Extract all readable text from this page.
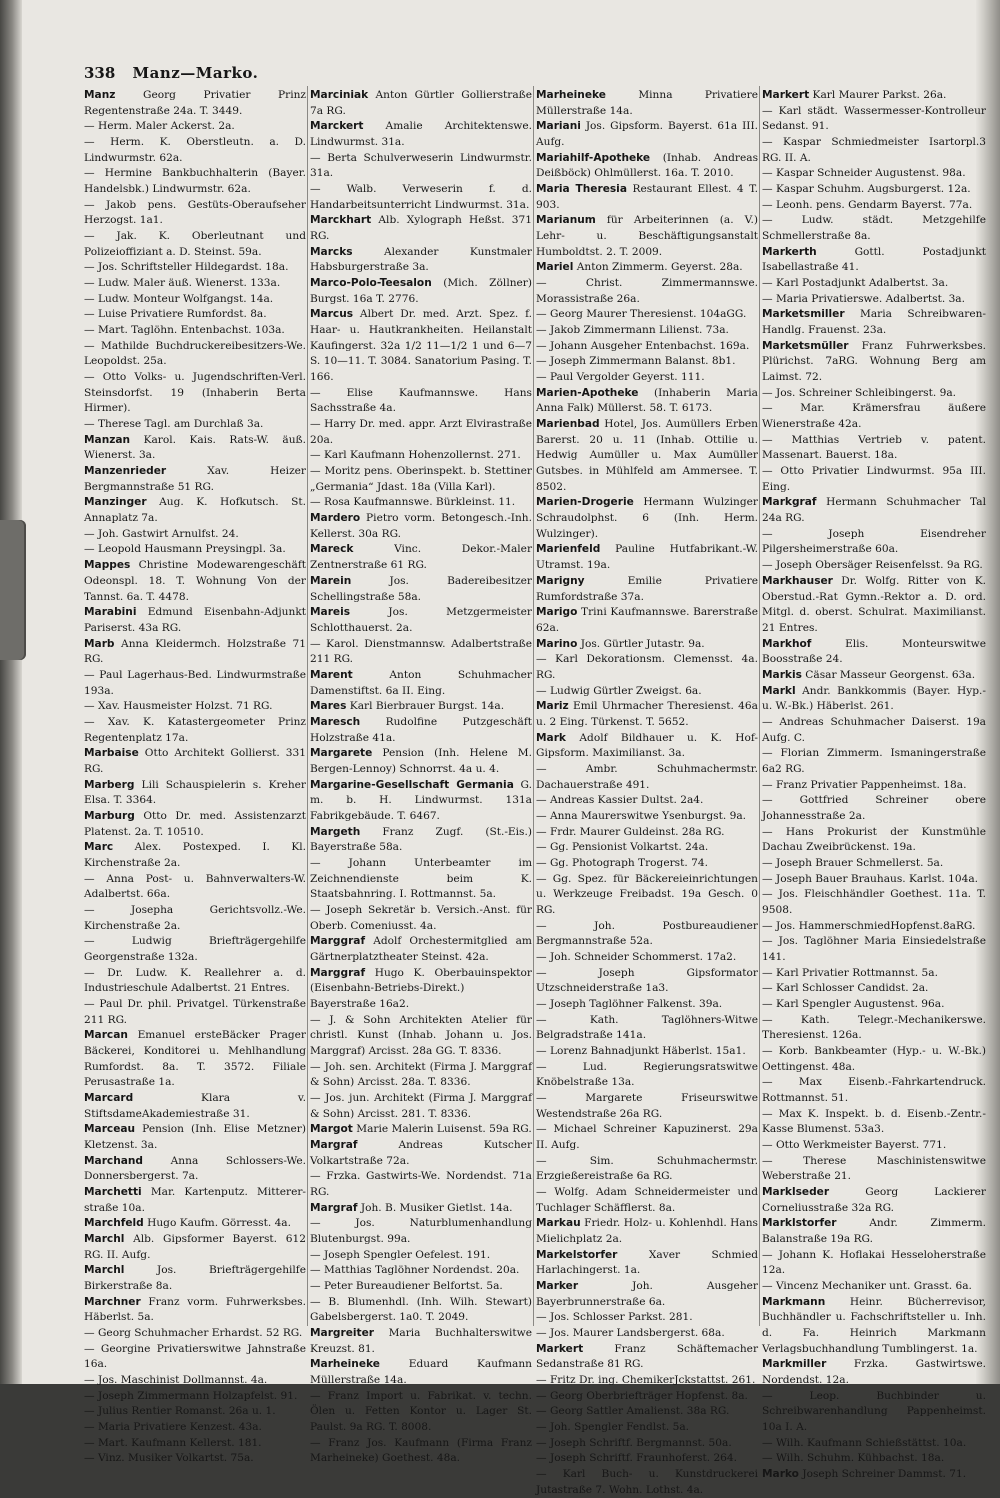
338 Manz—Marko.
Manz	Georg Privatier Prinz Regentenstraße 24a. T. 3449.
— Herm. Maler Ackerst. 2a.
— Herm. K. Oberstleutn. a. D. Lindwurmstr. 62a.
— Hermine Bankbuchhalterin (Bayer. Handelsbk.) Lindwurmstr. 62a.
— Jakob pens. Gestüts-Oberaufseher Herzogst. 1a1.
— Jak. K. Oberleutnant und Polizeioffiziant a. D. Steinst. 59a.
— Jos. Schriftsteller Hildegardst. 18a.
— Ludw. Maler äuß. Wienerst. 133a.
— Ludw. Monteur Wolfgangst. 14a.
— Luise Privatiere Rumfordst. 8a.
— Mart. Taglöhn. Entenbachst. 103a.
— Mathilde Buchdruckereibesitzers-We. Leopoldst. 25a.
— Otto Volks- u. Jugendschriften-Verl. Steinsdorfst. 19 (Inhaberin Berta Hirmer).
— Therese Tagl. am Durchlaß 3a.
Manzan Karol. Kais. Rats-W. äuß. Wienerst. 3a.
Manzenrieder	Xav. Heizer Bergmannstraße 51 RG.
Manzinger Aug. K. Hofkutsch. St. Annaplatz 7a.
— Joh. Gastwirt Arnulfst. 24.
— Leopold Hausmann Preysingpl. 3a.
Mappes Christine Modewarengeschäft Odeonspl. 18. T. Wohnung Von der Tannst. 6a. T. 4478.
Marabini Edmund Eisenbahn-Adjunkt Pariserst. 43a RG.
Marb Anna Kleidermch. Holzstraße 71 RG.
— Paul Lagerhaus-Bed. Lindwurmstraße 193a.
— Xav. Hausmeister Holzst. 71 RG.
— Xav. K. Katastergeometer Prinz Regentenplatz 17a.
Marbaise Otto Architekt Gollierst. 331 RG.
Marberg Lili Schauspielerin s. Kreher Elsa. T. 3364.
Marburg Otto Dr. med. Assistenzarzt Platenst. 2a. T. 10510.
Marc Alex. Postexped. I. Kl. Kirchenstraße 2a.
— Anna Post- u. Bahnverwalters-W. Adalbertst. 66a.
— Josepha Gerichtsvollz.-We. Kirchenstraße 2a.
— Ludwig Briefträgergehilfe Georgenstraße 132a.
— Dr. Ludw. K. Reallehrer a. d. Industrieschule Adalbertst. 21 Entres.
— Paul Dr. phil. Privatgel. Türkenstraße 211 RG.
Marcan Emanuel ersteBäcker Prager Bäckerei, Konditorei u. Mehlhandlung Rumfordst. 8a. T. 3572. Filiale Perusastraße 1a.
Marcard	Klara v. StiftsdameAkademiestraße 31.
Marceau Pension (Inh. Elise Metzner) Kletzenst. 3a.
Marchand	Anna Schlossers-We. Donnersbergerst. 7a.
Marchetti Mar. Kartenputz. Mitterer-straße 10a.
Marchfeld Hugo Kaufm. Görresst. 4a.
Marchl Alb. Gipsformer Bayerst. 612 RG. II. Aufg.
Marchl	Jos. Briefträgergehilfe Birkerstraße 8a.
Marchner Franz vorm. Fuhrwerksbes. Häberlst. 5a.
— Georg Schuhmacher Erhardst. 52 RG.
— Georgine Privatierswitwe Jahnstraße 16a.
— Jos. Maschinist Dollmannst. 4a.
— Joseph Zimmermann Holzapfelst. 91.
— Julius Rentier Romanst. 26a u. 1.
— Maria Privatiere Kenzest. 43a.
— Mart. Kaufmann Kellerst. 181.
— Vinz. Musiker Volkartst. 75a.
Marciniak Anton Gürtler Gollierstraße 7a RG.
Marckert Amalie Architektenswe. Lindwurmst. 31a.
— Berta Schulverweserin Lindwurmstr. 31a.
— Walb. Verweserin f. d. Handarbeitsunterricht Lindwurmst. 31a.
Marckhart Alb. Xylograph Heßst. 371 RG.
Marcks	Alexander Kunstmaler Habsburgerstraße 3a.
Marco-Polo-Teesalon (Mich. Zöllner) Burgst. 16a T. 2776.
Marcus Albert Dr. med. Arzt. Spez. f. Haar- u. Hautkrankheiten. Heilanstalt Kaufingerst. 32a 1/2 11—1/2 1 und 6—7 S. 10—11. T. 3084. Sanatorium Pasing. T. 166.
— Elise Kaufmannswe. Hans Sachsstraße 4a.
— Harry Dr. med. appr. Arzt Elvirastraße 20a.
— Karl Kaufmann Hohenzollernst. 271.
— Moritz pens. Oberinspekt. b. Stettiner „Germania“ Jdast. 18a (Villa Karl).
— Rosa Kaufmannswe. Bürkleinst. 11.
Mardero Pietro vorm. Betongesch.-Inh. Kellerst. 30a RG.
Mareck	Vinc. Dekor.-Maler Zentnerstraße 61 RG.
Marein	Jos. Badereibesitzer Schellingstraße 58a.
Mareis	Jos. Metzgermeister Schlotthauerst. 2a.
— Karol. Dienstmannsw. Adalbertstraße 211 RG.
Marent	Anton Schuhmacher Damenstiftst. 6a II. Eing.
Mares Karl Bierbrauer Burgst. 14a.
Maresch Rudolfine Putzgeschäft Holzstraße 41a.
Margarete Pension (Inh. Helene M. Bergen-Lennoy) Schnorrst. 4a u. 4.
Margarine-Gesellschaft Germania G. m. b. H. Lindwurmst. 131a Fabrikgebäude. T. 6467.
Margeth Franz Zugf. (St.-Eis.) Bayerstraße 58a.
— Johann Unterbeamter im Zeichnendienste beim K. Staatsbahnring. I. Rottmannst. 5a.
— Joseph Sekretär b. Versich.-Anst. für Oberb. Comeniusst. 4a.
Marggraf Adolf Orchestermitglied am Gärtnerplatztheater Steinst. 42a.
Marggraf Hugo K. Oberbauinspektor (Eisenbahn-Betriebs-Direkt.) Bayerstraße 16a2.
— J. & Sohn Architekten Atelier für christl. Kunst (Inhab. Johann u. Jos. Marggraf) Arcisst. 28a GG. T. 8336.
— Joh. sen. Architekt (Firma J. Marggraf & Sohn) Arcisst. 28a. T. 8336.
— Jos. jun. Architekt (Firma J. Marggraf & Sohn) Arcisst. 281. T. 8336.
Margot Marie Malerin Luisenst. 59a RG.
Margraf	Andreas Kutscher Volkartstraße 72a.
— Frzka. Gastwirts-We. Nordendst. 71a RG.
Margraf Joh. B. Musiker Gietlst. 14a.
— Jos. Naturblumenhandlung Blutenburgst. 99a.
— Joseph Spengler Oefelest. 191.
— Matthias Taglöhner Nordendst. 20a.
— Peter Bureaudiener Belfortst. 5a.
— B. Blumenhdl. (Inh. Wilh. Stewart) Gabelsbergerst. 1a0. T. 2049.
Margreiter Maria Buchhalterswitwe Kreuzst. 81.
Marheineke	Eduard Kaufmann Müllerstraße 14a.
— Franz Import u. Fabrikat. v. techn. Ölen u. Fetten Kontor u. Lager St. Paulst. 9a RG. T. 8008.
— Franz Jos. Kaufmann (Firma Franz Marheineke) Goethest. 48a.
Marheineke	Minna Privatiere Müllerstraße 14a.
Mariani Jos. Gipsform. Bayerst. 61a III. Aufg.
Mariahilf-Apotheke (Inhab. Andreas Deißböck) Ohlmüllerst. 16a. T. 2010.
Maria Theresia Restaurant Ellest. 4 T. 903.
Marianum für Arbeiterinnen (a. V.) Lehr- u. Beschäftigungsanstalt Humboldtst. 2. T. 2009.
Mariel Anton Zimmerm. Geyerst. 28a.
— Christ. Zimmermannswe. Morassistraße 26a.
— Georg Maurer Theresienst. 104aGG.
— Jakob Zimmermann Lilienst. 73a.
— Johann Ausgeher Entenbachst. 169a.
— Joseph Zimmermann Balanst. 8b1.
— Paul Vergolder Geyerst. 111.
Marien-Apotheke (Inhaberin Maria Anna Falk) Müllerst. 58. T. 6173.
Marienbad Hotel, Jos. Aumüllers Erben Barerst. 20 u. 11 (Inhab. Ottilie u. Hedwig Aumüller u. Max Aumüller Gutsbes. in Mühlfeld am Ammersee. T. 8502.
Marien-Drogerie Hermann Wulzinger Schraudolphst. 6 (Inh. Herm. Wulzinger).
Marienfeld Pauline Hutfabrikant.-W. Utramst. 19a.
Marigny	Emilie Privatiere Rumfordstraße 37a.
Marigo Trini Kaufmannswe. Barerstraße 62a.
Marino Jos. Gürtler Jutastr. 9a.
— Karl Dekorationsm. Clemensst. 4a. RG.
— Ludwig Gürtler Zweigst. 6a.
Mariz Emil Uhrmacher Theresienst. 46a u. 2 Eing. Türkenst. T. 5652.
Mark Adolf Bildhauer u. K. Hof-Gipsform. Maximilianst. 3a.
— Ambr. Schuhmachermstr. Dachauerstraße 491.
— Andreas Kassier Dultst. 2a4.
— Anna Maurerswitwe Ysenburgst. 9a.
— Frdr. Maurer Guldeinst. 28a RG.
— Gg. Pensionist Volkartst. 24a.
— Gg. Photograph Trogerst. 74.
— Gg. Spez. für Bäckereieinrichtungen u. Werkzeuge Freibadst. 19a Gesch. 0 RG.
— Joh. Postbureaudiener Bergmannstraße 52a.
— Joh. Schneider Schommerst. 17a2.
— Joseph Gipsformator Utzschneiderstraße 1a3.
— Joseph Taglöhner Falkenst. 39a.
— Kath. Taglöhners-Witwe Belgradstraße 141a.
— Lorenz Bahnadjunkt Häberlst. 15a1.
— Lud. Regierungsratswitwe Knöbelstraße 13a.
— Margarete Friseurswitwe Westendstraße 26a RG.
— Michael Schreiner Kapuzinerst. 29a II. Aufg.
— Sim. Schuhmachermstr. Erzgießereistraße 6a RG.
— Wolfg. Adam Schneidermeister und Tuchlager Schäfflerst. 8a.
Markau Friedr. Holz- u. Kohlenhdl. Hans Mielichplatz 2a.
Markelstorfer	Xaver Schmied Harlachingerst. 1a.
Marker	Joh. Ausgeher Bayerbrunnerstraße 6a.
— Jos. Schlosser Parkst. 281.
— Jos. Maurer Landsbergerst. 68a.
Markert	Franz Schäftemacher Sedanstraße 81 RG.
— Fritz Dr. ing. ChemikerJckstattst. 261.
— Georg Oberbriefträger Hopfenst. 8a.
— Georg Sattler Amalienst. 38a RG.
— Joh. Spengler Fendlst. 5a.
— Joseph Schriftf. Bergmannst. 50a.
— Joseph Schriftf. Fraunhoferst. 264.
— Karl Buch- u. Kunstdruckerei Jutastraße 7. Wohn. Lothst. 4a.
Markert Karl Maurer Parkst. 26a.
— Karl städt. Wassermesser-Kontrolleur Sedanst. 91.
— Kaspar Schmiedmeister Isartorpl.3 RG. II. A.
— Kaspar Schneider Augustenst. 98a.
— Kaspar Schuhm. Augsburgerst. 12a.
— Leonh. pens. Gendarm Bayerst. 77a.
— Ludw. städt. Metzgehilfe Schmellerstraße 8a.
Markerth	Gottl. Postadjunkt Isabellastraße 41.
— Karl Postadjunkt Adalbertst. 3a.
— Maria Privatierswe. Adalbertst. 3a.
Marketsmiller Maria Schreibwaren-Handlg. Frauenst. 23a.
Marketsmüller Franz Fuhrwerksbes. Plürichst. 7aRG. Wohnung Berg am Laimst. 72.
— Jos. Schreiner Schleibingerst. 9a.
— Mar. Krämersfrau äußere Wienerstraße 42a.
— Matthias Vertrieb v. patent. Massenart. Bauerst. 18a.
— Otto Privatier Lindwurmst. 95a III. Eing.
Markgraf Hermann Schuhmacher Tal 24a RG.
— Joseph Eisendreher Pilgersheimerstraße 60a.
— Joseph Obersäger Reisenfelsst. 9a RG.
Markhauser Dr. Wolfg. Ritter von K. Oberstud.-Rat Gymn.-Rektor a. D. ord. Mitgl. d. oberst. Schulrat. Maximilianst. 21 Entres.
Markhof	Elis. Monteurswitwe Boosstraße 24.
Markis Cäsar Masseur Georgenst. 63a.
Markl Andr. Bankkommis (Bayer. Hyp.- u. W.-Bk.) Häberlst. 261.
— Andreas Schuhmacher Daiserst. 19a Aufg. C.
— Florian Zimmerm. Ismaningerstraße 6a2 RG.
— Franz Privatier Pappenheimst. 18a.
— Gottfried Schreiner obere Johannesstraße 2a.
— Hans Prokurist der Kunstmühle Dachau Zweibrückenst. 19a.
— Joseph Brauer Schmellerst. 5a.
— Joseph Bauer Brauhaus. Karlst. 104a.
— Jos. Fleischhändler Goethest. 11a. T. 9508.
— Jos. HammerschmiedHopfenst.8aRG.
— Jos. Taglöhner Maria Einsiedelstraße 141.
— Karl Privatier Rottmannst. 5a.
— Karl Schlosser Candidst. 2a.
— Karl Spengler Augustenst. 96a.
— Kath. Telegr.-Mechanikerswe. Theresienst. 126a.
— Korb. Bankbeamter (Hyp.- u. W.-Bk.) Oettingenst. 48a.
— Max Eisenb.-Fahrkartendruck. Rottmannst. 51.
— Max K. Inspekt. b. d. Eisenb.-Zentr.-Kasse Blumenst. 53a3.
— Otto Werkmeister Bayerst. 771.
— Therese Maschinistenswitwe Weberstraße 21.
Marklseder	Georg Lackierer Corneliusstraße 32a RG.
Marklstorfer	Andr. Zimmerm. Balanstraße 19a RG.
— Johann K. Hoflakai Hesseloherstraße 12a.
— Vincenz Mechaniker unt. Grasst. 6a.
Markmann Heinr. Bücherrevisor, Buchhändler u. Fachschriftsteller u. Inh. d. Fa. Heinrich Markmann Verlagsbuchhandlung Tumblingerst. 1a.
Markmiller	Frzka. Gastwirtswe. Nordendst. 12a.
— Leop. Buchbinder u. Schreibwarenhandlung Pappenheimst. 10a I. A.
— Wilh. Kaufmann Schießstättst. 10a.
— Wilh. Schuhm. Kühbachst. 18a.
Marko Joseph Schreiner Dammst. 71.
